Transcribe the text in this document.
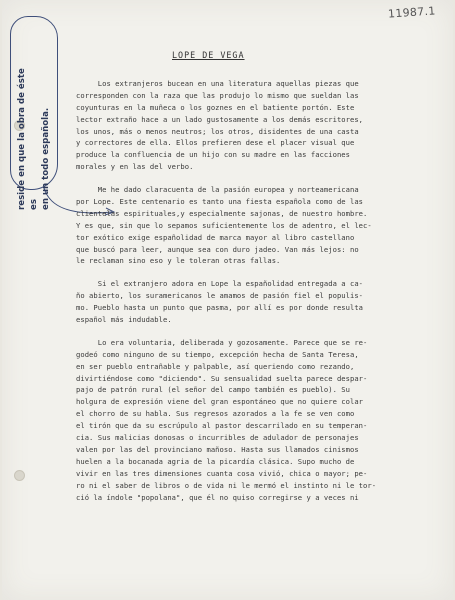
11987.1
LOPE DE VEGA
reside en que la obra de éste es en un todo española.
Los extranjeros bucean en una literatura aquellas piezas que
corresponden con la raza que las produjo lo mismo que sueldan las
coyunturas en la muñeca o los goznes en el batiente portón. Este
lector extraño hace a un lado gustosamente a los demás escritores,
los unos, más o menos neutros; los otros, disidentes de una casta
y correctores de ella. Ellos prefieren dese el placer visual que
produce la confluencia de un hijo con su madre en las facciones
morales y en las del verbo.
Me he dado claracuenta de la pasión europea y norteamericana
por Lope. Este centenario es tanto una fiesta española como de las
clientelas espirituales,y especialmente sajonas, de nuestro hombre.
Y es que, sin que lo sepamos suficientemente los de adentro, el lec-
tor exótico exige españolidad de marca mayor al libro castellano
que buscó para leer, aunque sea con duro jadeo. Van más lejos: no
le reclaman sino eso y le toleran otras fallas.
Si el extranjero adora en Lope la españolidad entregada a ca-
ño abierto, los suramericanos le amamos de pasión fiel el populis-
mo. Pueblo hasta un punto que pasma, por allí es por donde resulta
español más indudable.
Lo era voluntaria, deliberada y gozosamente. Parece que se re-
godeó como ninguno de su tiempo, excepción hecha de Santa Teresa,
en ser pueblo entrañable y palpable, así queriendo como rezando,
divirtiéndose como "diciendo". Su sensualidad suelta parece despar-
pajo de patrón rural (el señor del campo también es pueblo). Su
holgura de expresión viene del gran espontáneo que no quiere colar
el chorro de su habla. Sus regresos azorados a la fe se ven como
el tirón que da su escrúpulo al pastor descarrilado en su temperan-
cia. Sus malicias donosas o incurribles de adulador de personajes
valen por las del provinciano mañoso. Hasta sus llamados cinismos
huelen a la bocanada agria de la picardía clásica. Supo mucho de
vivir en las tres dimensiones cuanta cosa vivió, chica o mayor; pe-
ro ni el saber de libros o de vida ni le mermó el instinto ni le tor-
ció la índole "popolana", que él no quiso corregirse y a veces ni
